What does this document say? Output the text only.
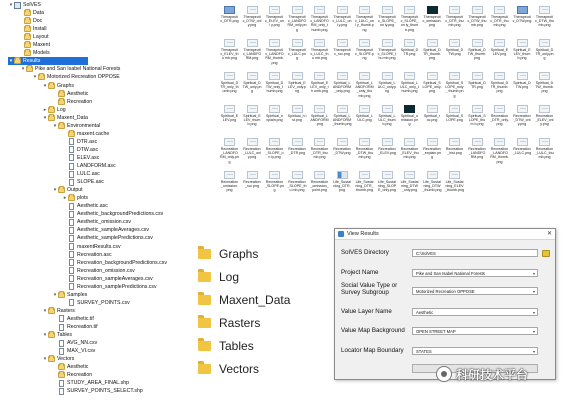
▾	SolVES
Data
Doc
Install
Layout
Maxent
Models
▾	Results
▾	Pike and San Isabel National Forests
▾	Motorized Recreation OPPOSE
▾	Graphs
Aesthetic
Recreation
▸	Log
▾	Maxent_Data
▾	Environmental
maxent.cache
DTR.asc
DTW.asc
ELEV.asc
LANDFORM.asc
LULC.asc
SLOPE.asc
▾	Output
▸	plots
Aesthetic.asc
Aesthetic_backgroundPredictions.csv
Aesthetic_omission.csv
Aesthetic_sampleAverages.csv
Aesthetic_samplePredictions.csv
maxentResults.csv
Recreation.asc
Recreation_backgroundPredictions.csv
Recreation_omission.csv
Recreation_sampleAverages.csv
Recreation_samplePredictions.csv
▾	Samples
SURVEY_POINTS.csv
▾	Rasters
Aesthetic.tif
Recreation.tif
▾	Tables
AVG_NN.csv
MAX_VI.csv
▾	Vectors
Aesthetic
Recreation
STUDY_AREA_FINAL.shp
SURVEY_POINTS_SELECT.shp
Therapeuti c_DTR.png
Therapeuti c_DTW_onl y.png
Therapeuti c_ELEV_onl y.png
Therapeuti c_LANDFO RM_only.png
Therapeuti c_LANDFO RM_only_t humb.png
Therapeuti c_LULC_onl y.png
Therapeuti c_LULC_onl y_thumb.png
Therapeuti c_SLOPE_on ly.png
Therapeuti c_SLOPE_on ly_thumb.png
Therapeuti c_omission.png
Therapeuti c_DTR_thu mb.png
Therapeuti c_DTW_thu mb.png
Therapeuti c_DTR_thu mb.png
Therapeuti c_DTW.png
Therapeuti c_DTW_thu mb.png
Therapeuti c_ELEV_thu mb.png
Therapeuti c_LANDFO RM.png
Therapeuti c_LANDFO RM_thumb.png
Therapeuti c_LULC.png
Therapeuti c_LULC_thu mb.png
Therapeuti c_roc.png
Therapeuti c_SLOPE.png
Therapeuti c_SLOPE_thu mb.png
Spiritual_D TR.png
Spiritual_D TR_thumb.png
Spiritual_D TW.png
Spiritual_D TW_thumb.png
Spiritual_E LEV.png
Spiritual_E LEV_thumb.png
Spiritual_D TR_only.png
Spiritual_D TR_only_thumb.png
Spiritual_D TW_only.png
Spiritual_D TW_only_thumb.png
Spiritual_E LEV_only.png
Spiritual_E LEV_only_th umb.png
Spiritual_L ANDFORM _only.png
Spiritual_L ANDFORM _only_thu mb.png
Spiritual_L ULC_only.png
Spiritual_L ULC_only_t humb.png
Spiritual_S LOPE_only.png
Spiritual_S LOPE_only_ thumb.png
Spiritual_D TR.png
Spiritual_D TR_thumb.png
Spiritual_D TW.png
Spiritual_D TW_thumb.png
Spiritual_E LEV.png
Spiritual_E LEV_thumb.png
Spiritual_e xplain.png
Spiritual_h ist.png
Spiritual_L ANDFORM .png
Spiritual_L ANDFORM _thumb.png
Spiritual_L ULC.png
Spiritual_L ULC_thumb.png
Spiritual_o mission.png
Spiritual_r oc.png
Spiritual_S LOPE.png
Spiritual_S LOPE_thum b.png
Recreation _DTR_only.png
Recreation _DTW_onl y.png
Recreation _ELEV_onl y.png
Recreation _LANDFO RM_only.png
Recreation _LULC_onl y.png
Recreation _SLOPE_on ly.png
Recreation _DTR.png
Recreation _DTR_thu mb.png
Recreation _DTW.png
Recreation _DTW_thu mb.png
Recreation _ELEV.png
Recreation _ELEV_thu mb.png
Recreation _explain.png
Recreation _hist.png
Recreation _LANDFO RM.png
Recreation _LANDFO RM_thumb.png
Recreation _LULC.png
Recreation _LULC_thu mb.png
Recreation _omission.png
Recreation _roc.png
Recreation _SLOPE.png
Recreation _SLOPE_thu mb.png
Recreation _omission_ point.png
Life_Sustai ning_DTR.png
Life_Sustai ning_DTR_ thumb.png
Life_Sustai ning_SLOP E_only.png
Life_Sustai ning_DTW _only.png
Life_Sustai ning_DTW _thumb.png
Life_Sustai ning_ELEV _thumb.png
Graphs
Log
Maxent_Data
Rasters
Tables
Vectors
View Results	✕
SolVES Directory	C:\SolVES
Project Name	Pike and San Isabel National Forests	▾
Social Value Type or Survey Subgroup	Motorized Recreation OPPOSE	▾
Value Layer Name	Aesthetic	▾
Value Map Background	OPEN STREET MAP	▾
Locator Map Boundary	STATES	▾
科研技术平台
